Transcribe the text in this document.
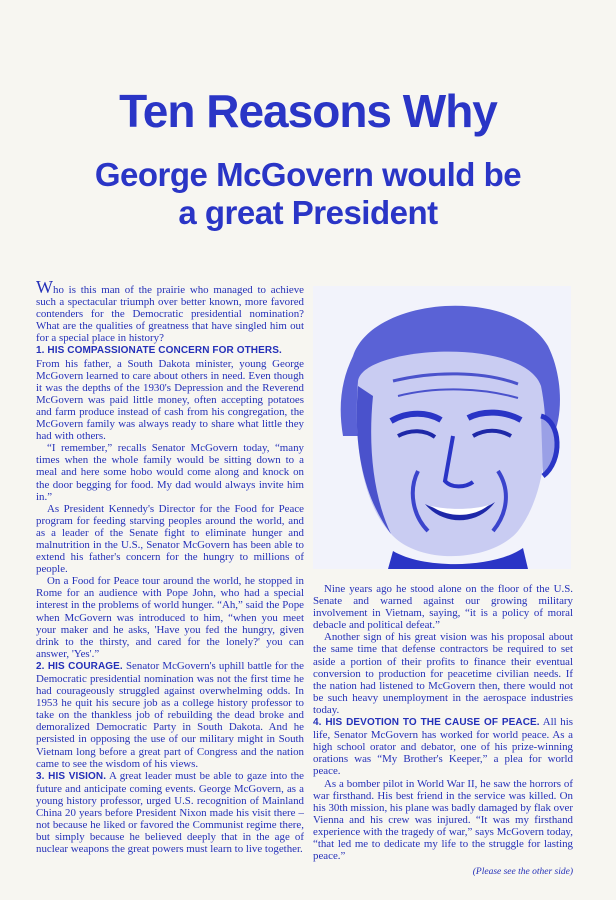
Ten Reasons Why
George McGovern would be
a great President

Who is this man of the prairie who managed to achieve such a spectacular triumph over better known, more favored contenders for the Democratic presidential nomination? What are the qualities of greatness that have singled him out for a special place in history?

1. HIS COMPASSIONATE CONCERN FOR OTHERS.

From his father, a South Dakota minister, young George McGovern learned to care about others in need. Even though it was the depths of the 1930's Depression and the Reverend McGovern was paid little money, often accepting potatoes and farm produce instead of cash from his congregation, the McGovern family was always ready to share what little they had with others.

“I remember,” recalls Senator McGovern today, “many times when the whole family would be sitting down to a meal and here some hobo would come along and knock on the door begging for food. My dad would always invite him in.”

As President Kennedy's Director for the Food for Peace program for feeding starving peoples around the world, and as a leader of the Senate fight to eliminate hunger and malnutrition in the U.S., Senator McGovern has been able to extend his father's concern for the hungry to millions of people.

On a Food for Peace tour around the world, he stopped in Rome for an audience with Pope John, who had a special interest in the problems of world hunger. “Ah,” said the Pope when McGovern was introduced to him, “when you meet your maker and he asks, 'Have you fed the hungry, given drink to the thirsty, and cared for the lonely?' you can answer, 'Yes'.”

2. HIS COURAGE. Senator McGovern's uphill battle for the Democratic presidential nomination was not the first time he had courageously struggled against overwhelming odds. In 1953 he quit his secure job as a college history professor to take on the thankless job of rebuilding the dead broke and demoralized Democratic Party in South Dakota. And he persisted in opposing the use of our military might in South Vietnam long before a great part of Congress and the nation came to see the wisdom of his views.

3. HIS VISION. A great leader must be able to gaze into the future and anticipate coming events. George McGovern, as a young history professor, urged U.S. recognition of Mainland China 20 years before President Nixon made his visit there – not because he liked or favored the Communist regime there, but simply because he believed deeply that in the age of nuclear weapons the great powers must learn to live together.

Nine years ago he stood alone on the floor of the U.S. Senate and warned against our growing military involvement in Vietnam, saying, “it is a policy of moral debacle and political defeat.”

Another sign of his great vision was his proposal about the same time that defense contractors be required to set aside a portion of their profits to finance their eventual conversion to production for peacetime civilian needs. If the nation had listened to McGovern then, there would not be such heavy unemployment in the aerospace industries today.

4. HIS DEVOTION TO THE CAUSE OF PEACE. All his life, Senator McGovern has worked for world peace. As a high school orator and debator, one of his prize-winning orations was “My Brother's Keeper,” a plea for world peace.

As a bomber pilot in World War II, he saw the horrors of war firsthand. His best friend in the service was killed. On his 30th mission, his plane was badly damaged by flak over Vienna and his crew was injured. “It was my firsthand experience with the tragedy of war,” says McGovern today, “that led me to dedicate my life to the struggle for lasting peace.”

(Please see the other side)
